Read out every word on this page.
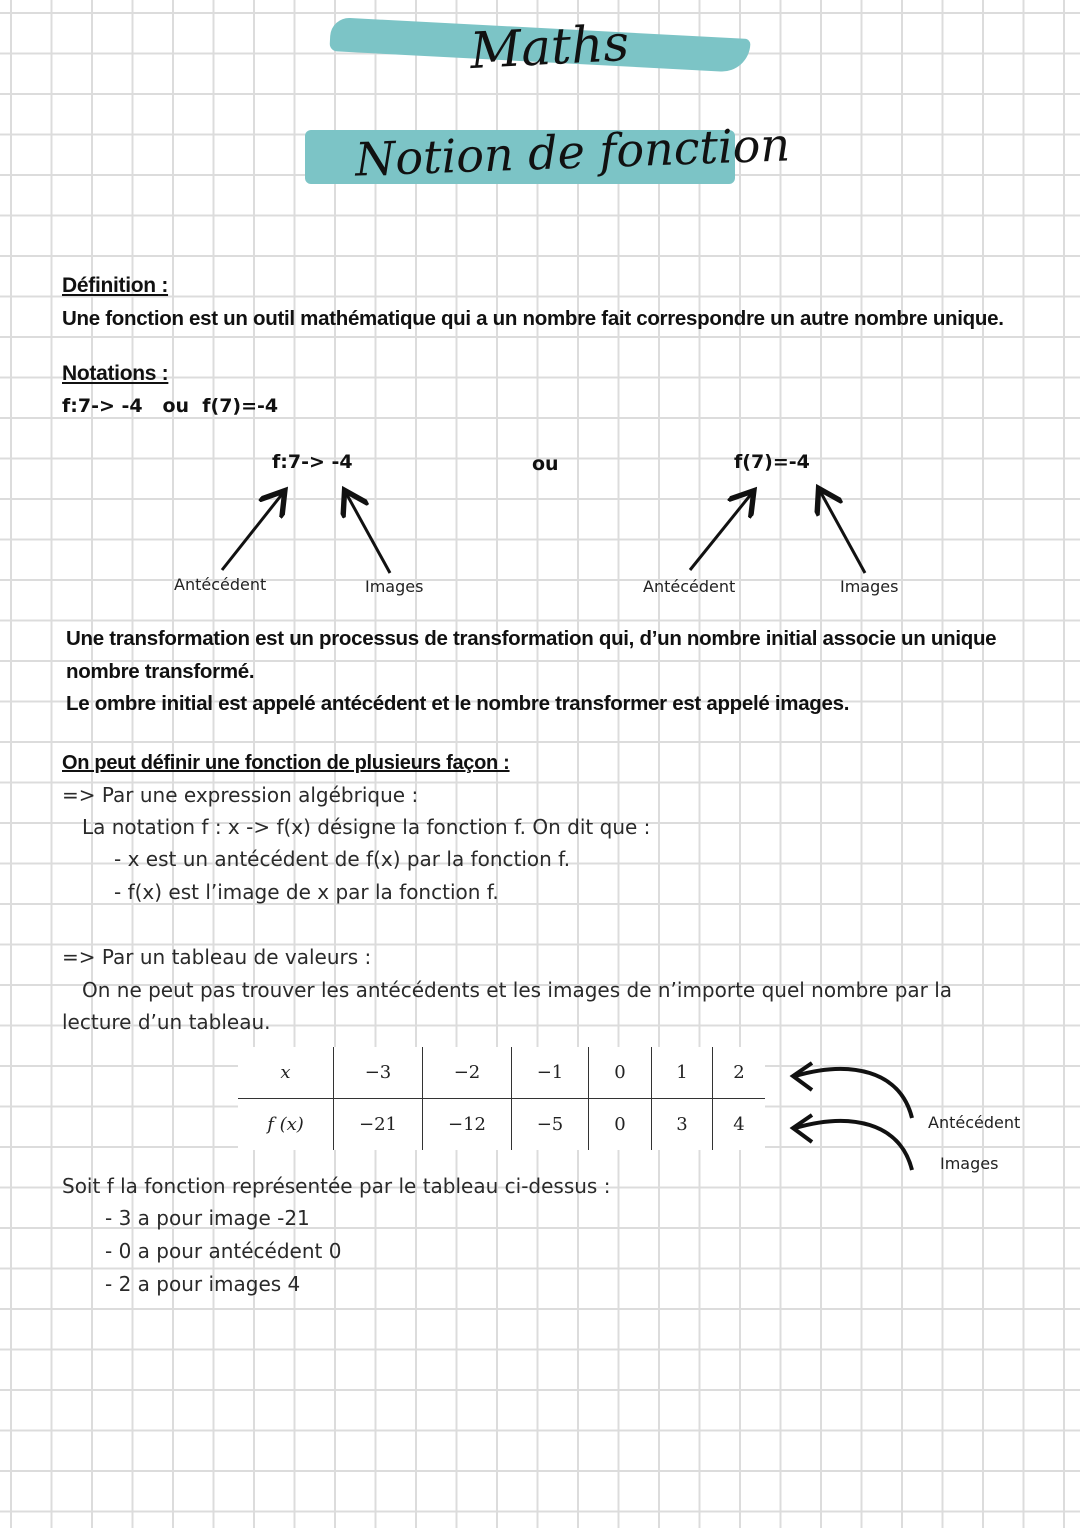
Maths
Notion de fonction
Définition :
Une fonction est un outil mathématique qui a un nombre fait correspondre un autre nombre unique.
Notations :
f:7-> -4   ou  f(7)=-4
f:7-> -4	ou	f(7)=-4
Antécédent	Images	Antécédent	Images
Une transformation est un processus de transformation qui, d’un nombre initial associe un unique
nombre transformé.
Le ombre initial est appelé antécédent et le nombre transformer est appelé images.
On peut définir une fonction de plusieurs façon :
=> Par une expression algébrique :
La notation f : x -> f(x) désigne la fonction f. On dit que :
- x est un antécédent de f(x) par la fonction f.
- f(x) est l’image de x par la fonction f.
=> Par un tableau de valeurs :
On ne peut pas trouver les antécédents et les images de n’importe quel nombre par la
lecture d’un tableau.
x	−3	−2	−1	0	1	2
f (x)	−21	−12	−5	0	3	4	Antécédent
Images
Soit f la fonction représentée par le tableau ci-dessus :
- 3 a pour image -21
- 0 a pour antécédent 0
- 2 a pour images 4
